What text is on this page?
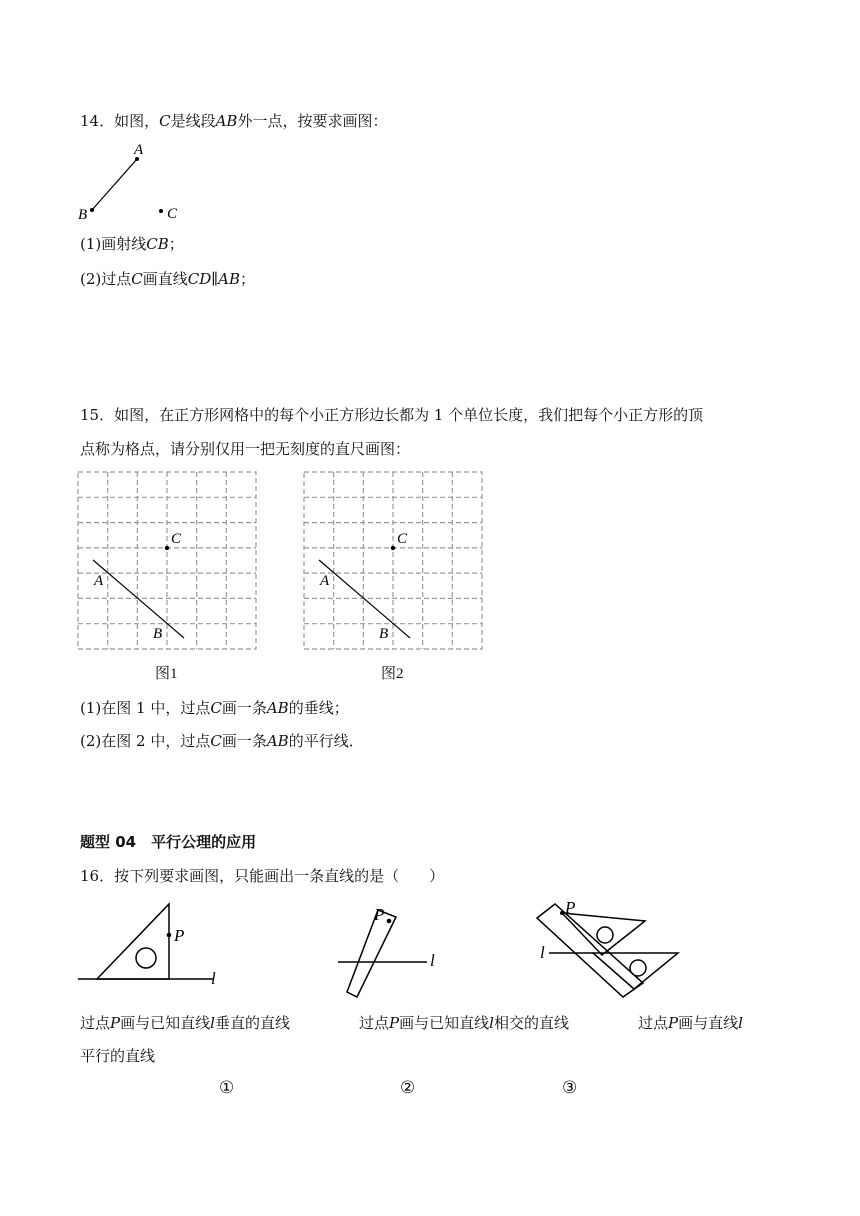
14．如图，C是线段AB外一点，按要求画图：
A
B	C
(1)画射线CB；
(2)过点C画直线CD∥AB；
15．如图，在正方形网格中的每个小正方形边长都为 1 个单位长度，我们把每个小正方形的顶
点称为格点，请分别仅用一把无刻度的直尺画图：
A
B
C
图1
A
B
C
图2
(1)在图 1 中，过点C画一条AB的垂线；
(2)在图 2 中，过点C画一条AB的平行线．
题型 04　平行公理的应用
16．按下列要求画图，只能画出一条直线的是（　　）
P
l
P
l
P
l
过点P画与已知直线l垂直的直线	过点P画与已知直线l相交的直线	过点P画与直线l
平行的直线
①	②	③
